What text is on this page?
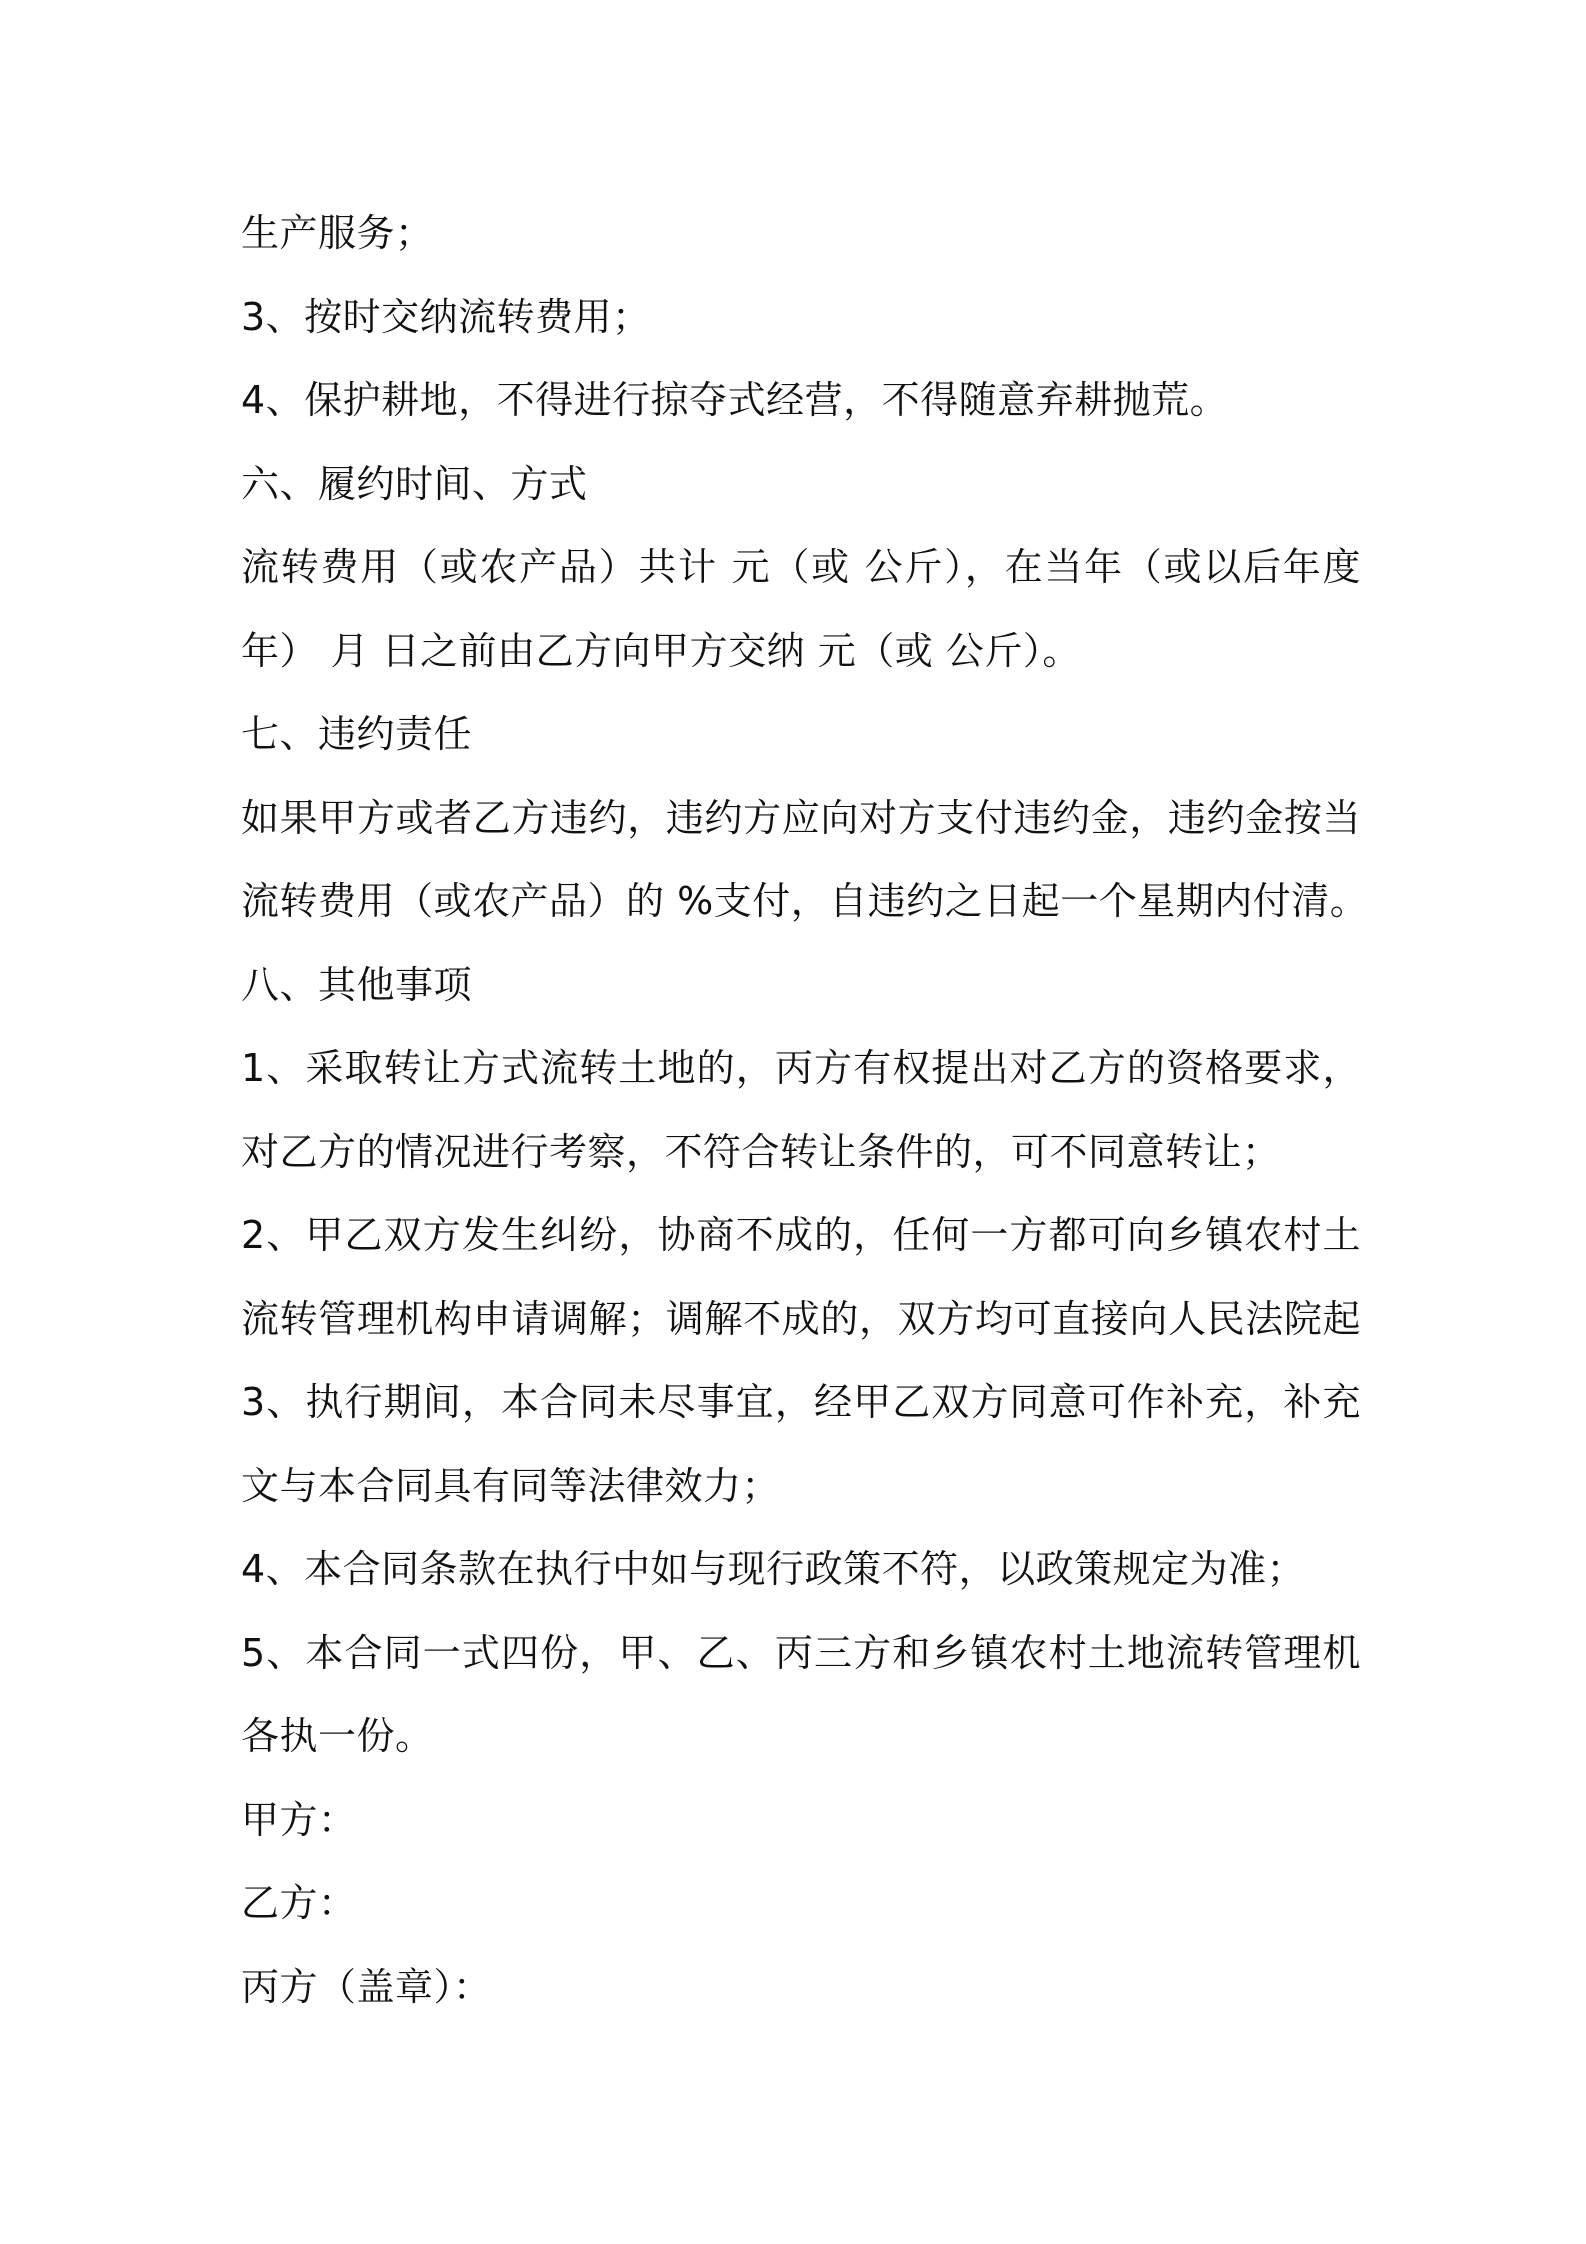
生产服务；
3、按时交纳流转费用；
4、保护耕地，不得进行掠夺式经营，不得随意弃耕抛荒。
六、履约时间、方式
流转费用（或农产品）共计 元（或 公斤），在当年（或以后年度
年） 月 日之前由乙方向甲方交纳 元（或 公斤）。
七、违约责任
如果甲方或者乙方违约，违约方应向对方支付违约金，违约金按当
流转费用（或农产品）的 %支付，自违约之日起一个星期内付清。
八、其他事项
1、采取转让方式流转土地的，丙方有权提出对乙方的资格要求，
对乙方的情况进行考察，不符合转让条件的，可不同意转让；
2、甲乙双方发生纠纷，协商不成的，任何一方都可向乡镇农村土
流转管理机构申请调解；调解不成的，双方均可直接向人民法院起
3、执行期间，本合同未尽事宜，经甲乙双方同意可作补充，补充
文与本合同具有同等法律效力；
4、本合同条款在执行中如与现行政策不符，以政策规定为准；
5、本合同一式四份，甲、乙、丙三方和乡镇农村土地流转管理机
各执一份。
甲方：
乙方：
丙方（盖章）：
